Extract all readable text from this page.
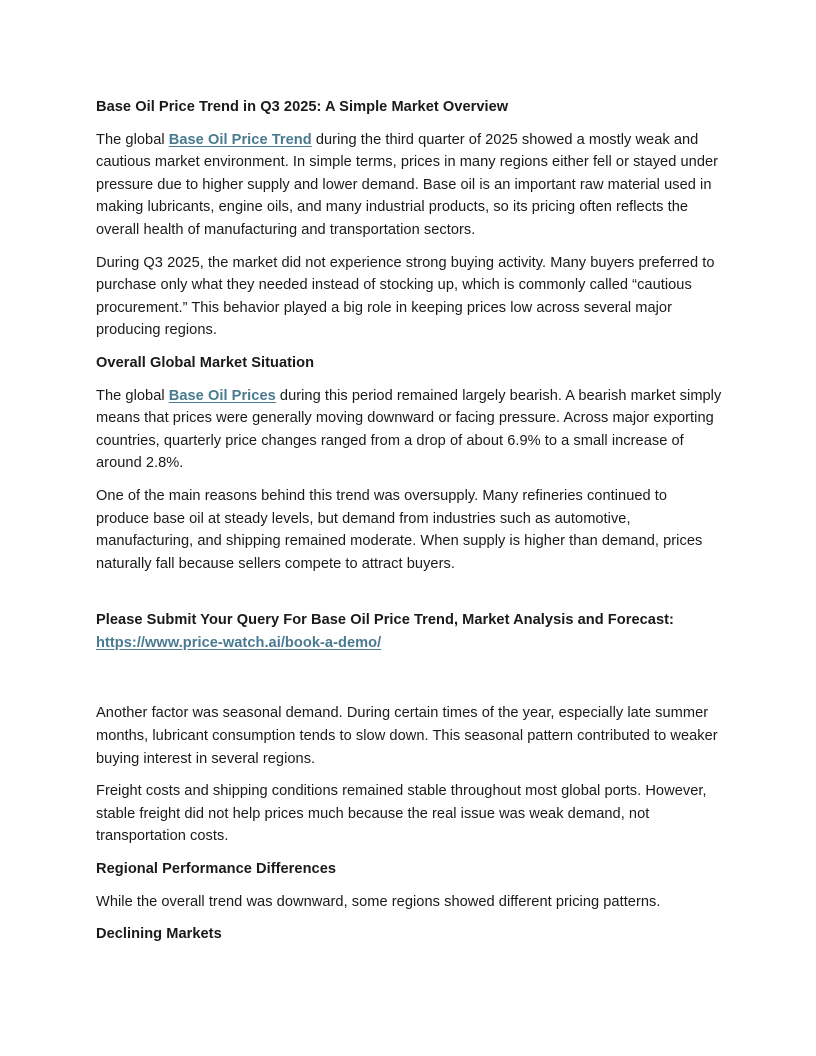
Base Oil Price Trend in Q3 2025: A Simple Market Overview

The global Base Oil Price Trend during the third quarter of 2025 showed a mostly weak and cautious market environment. In simple terms, prices in many regions either fell or stayed under pressure due to higher supply and lower demand. Base oil is an important raw material used in making lubricants, engine oils, and many industrial products, so its pricing often reflects the overall health of manufacturing and transportation sectors.

During Q3 2025, the market did not experience strong buying activity. Many buyers preferred to purchase only what they needed instead of stocking up, which is commonly called “cautious procurement.” This behavior played a big role in keeping prices low across several major producing regions.

Overall Global Market Situation

The global Base Oil Prices during this period remained largely bearish. A bearish market simply means that prices were generally moving downward or facing pressure. Across major exporting countries, quarterly price changes ranged from a drop of about 6.9% to a small increase of around 2.8%.

One of the main reasons behind this trend was oversupply. Many refineries continued to produce base oil at steady levels, but demand from industries such as automotive, manufacturing, and shipping remained moderate. When supply is higher than demand, prices naturally fall because sellers compete to attract buyers.

Please Submit Your Query For Base Oil Price Trend, Market Analysis and Forecast: https://www.price-watch.ai/book-a-demo/

Another factor was seasonal demand. During certain times of the year, especially late summer months, lubricant consumption tends to slow down. This seasonal pattern contributed to weaker buying interest in several regions.

Freight costs and shipping conditions remained stable throughout most global ports. However, stable freight did not help prices much because the real issue was weak demand, not transportation costs.

Regional Performance Differences

While the overall trend was downward, some regions showed different pricing patterns.

Declining Markets
